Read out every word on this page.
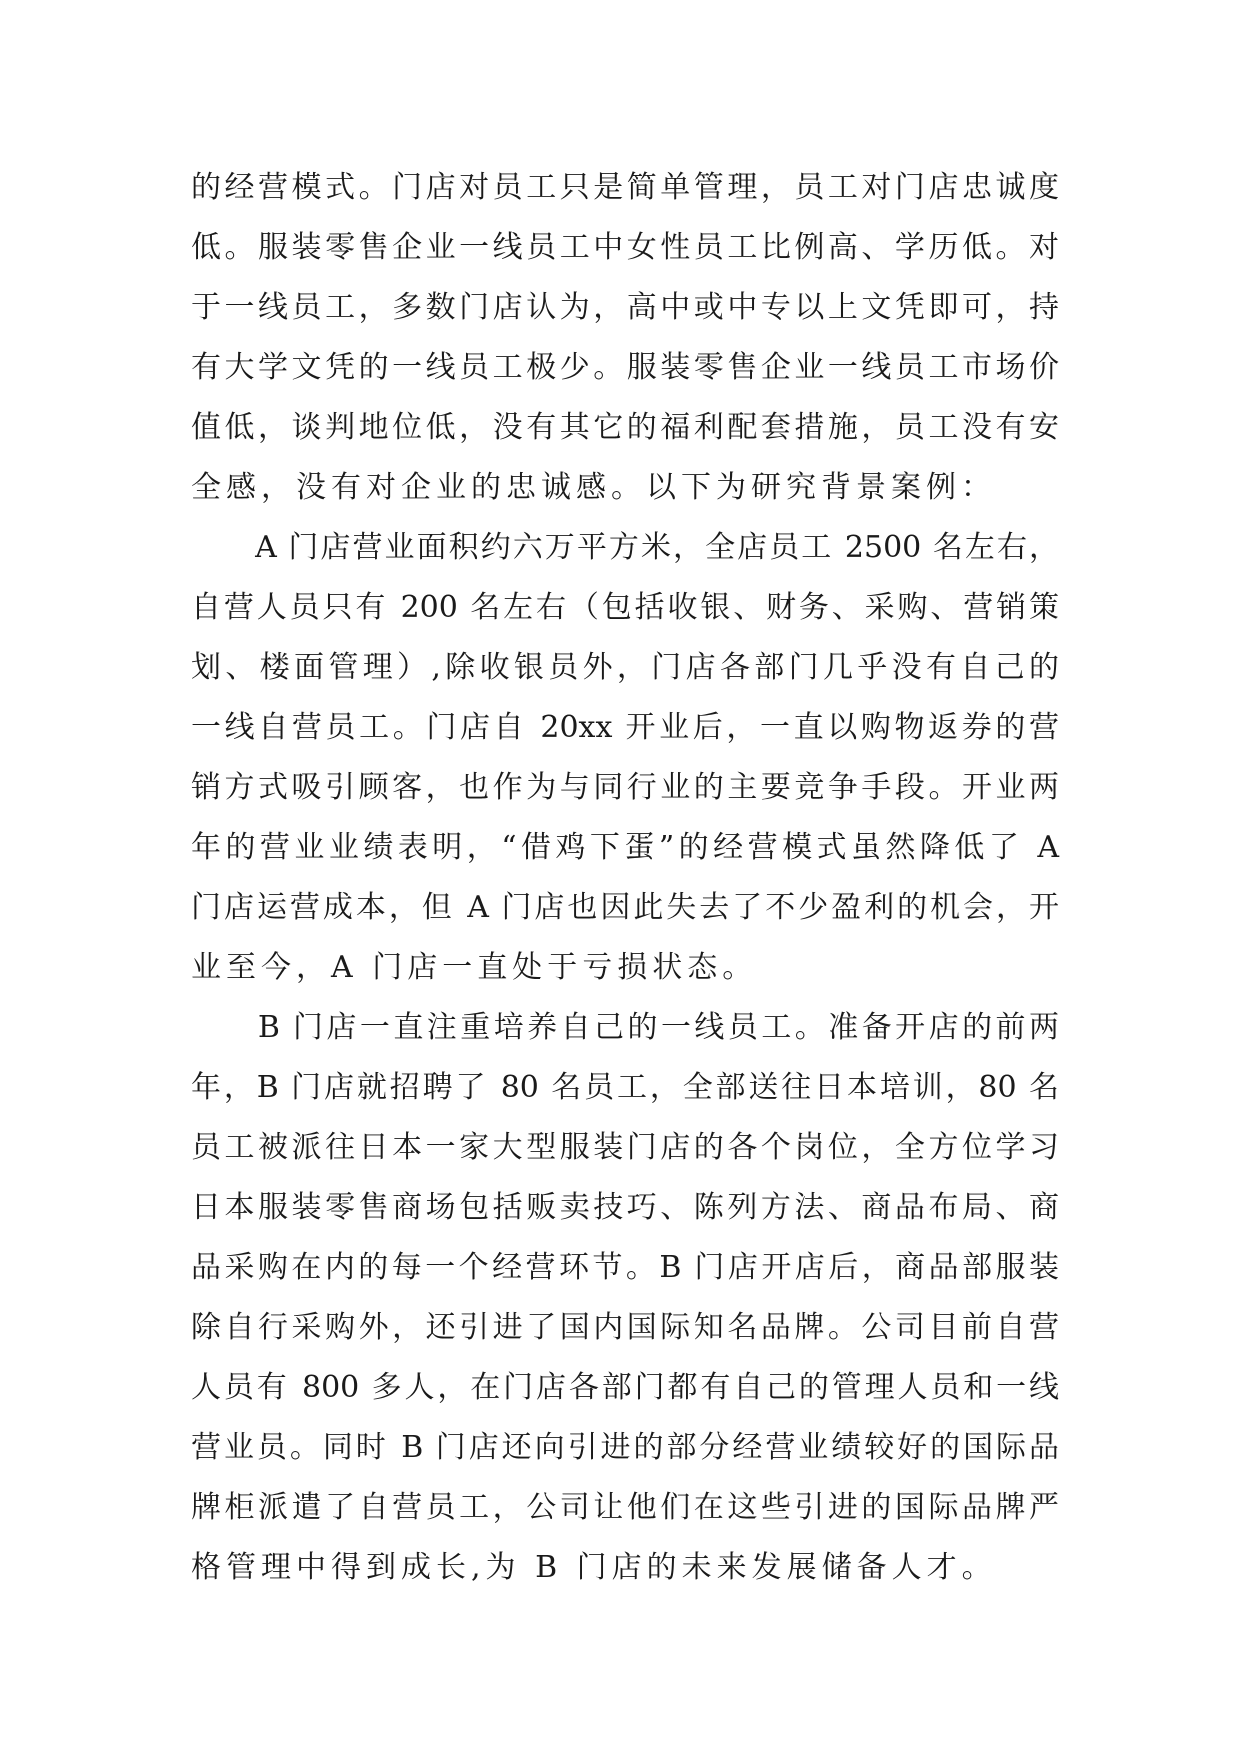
的经营模式。门店对员工只是简单管理，员工对门店忠诚度
低。服装零售企业一线员工中女性员工比例高、学历低。对
于一线员工，多数门店认为，高中或中专以上文凭即可，持
有大学文凭的一线员工极少。服装零售企业一线员工市场价
值低，谈判地位低，没有其它的福利配套措施，员工没有安
全感，没有对企业的忠诚感。以下为研究背景案例：
　　A 门店营业面积约六万平方米，全店员工 2500 名左右，
自营人员只有 200 名左右（包括收银、财务、采购、营销策
划、楼面管理）,除收银员外，门店各部门几乎没有自己的
一线自营员工。门店自 20xx 开业后，一直以购物返券的营
销方式吸引顾客，也作为与同行业的主要竞争手段。开业两
年的营业业绩表明，“借鸡下蛋”的经营模式虽然降低了 A
门店运营成本，但 A 门店也因此失去了不少盈利的机会，开
业至今，A 门店一直处于亏损状态。
　　B 门店一直注重培养自己的一线员工。准备开店的前两
年，B 门店就招聘了 80 名员工，全部送往日本培训，80 名
员工被派往日本一家大型服装门店的各个岗位，全方位学习
日本服装零售商场包括贩卖技巧、陈列方法、商品布局、商
品采购在内的每一个经营环节。B 门店开店后，商品部服装
除自行采购外，还引进了国内国际知名品牌。公司目前自营
人员有 800 多人，在门店各部门都有自己的管理人员和一线
营业员。同时 B 门店还向引进的部分经营业绩较好的国际品
牌柜派遣了自营员工，公司让他们在这些引进的国际品牌严
格管理中得到成长,为 B 门店的未来发展储备人才。
